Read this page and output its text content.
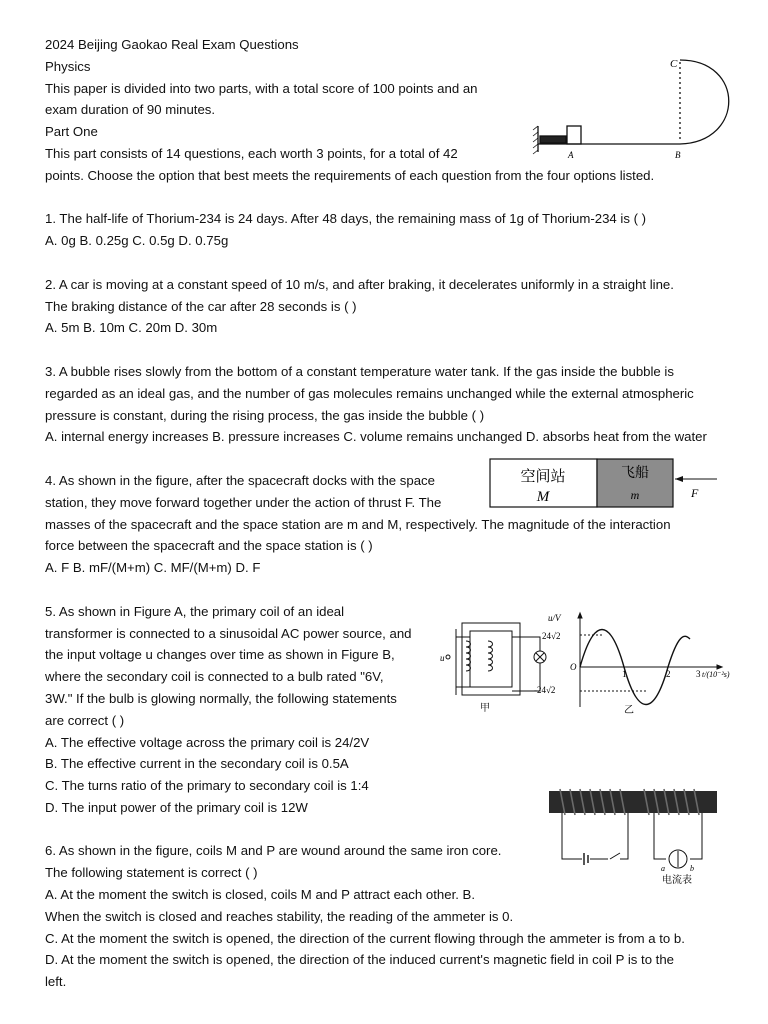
2024 Beijing Gaokao Real Exam Questions
Physics
This paper is divided into two parts, with a total score of 100 points and an
exam duration of 90 minutes.
Part One
This part consists of 14 questions, each worth 3 points, for a total of 42
points. Choose the option that best meets the requirements of each question from the four options listed.
1. The half-life of Thorium-234 is 24 days. After 48 days, the remaining mass of 1g of Thorium-234 is ( )
A. 0g B. 0.25g C. 0.5g D. 0.75g
2. A car is moving at a constant speed of 10 m/s, and after braking, it decelerates uniformly in a straight line.
The braking distance of the car after 28 seconds is ( )
A. 5m B. 10m C. 20m D. 30m
3. A bubble rises slowly from the bottom of a constant temperature water tank. If the gas inside the bubble is
regarded as an ideal gas, and the number of gas molecules remains unchanged while the external atmospheric
pressure is constant, during the rising process, the gas inside the bubble ( )
A. internal energy increases B. pressure increases C. volume remains unchanged D. absorbs heat from the water
4. As shown in the figure, after the spacecraft docks with the space
station, they move forward together under the action of thrust F. The
masses of the spacecraft and the space station are m and M, respectively. The magnitude of the interaction
force between the spacecraft and the space station is ( )
A. F B. mF/(M+m) C. MF/(M+m) D. F
5. As shown in Figure A, the primary coil of an ideal
transformer is connected to a sinusoidal AC power source, and
the input voltage u changes over time as shown in Figure B,
where the secondary coil is connected to a bulb rated "6V,
3W." If the bulb is glowing normally, the following statements
are correct ( )
A. The effective voltage across the primary coil is 24/2V
B. The effective current in the secondary coil is 0.5A
C. The turns ratio of the primary to secondary coil is 1:4
D. The input power of the primary coil is 12W
6. As shown in the figure, coils M and P are wound around the same iron core.
The following statement is correct ( )
A. At the moment the switch is closed, coils M and P attract each other. B.
When the switch is closed and reaches stability, the reading of the ammeter is 0.
C. At the moment the switch is opened, the direction of the current flowing through the ammeter is from a to b.
D. At the moment the switch is opened, the direction of the induced current's magnetic field in coil P is to the
left.
C
A	B
空间站
M
飞船
m	F
u
甲
u/V
24√2
-24√2
O
1	2	3 t/(10⁻²s)
乙
a	b
电流表
